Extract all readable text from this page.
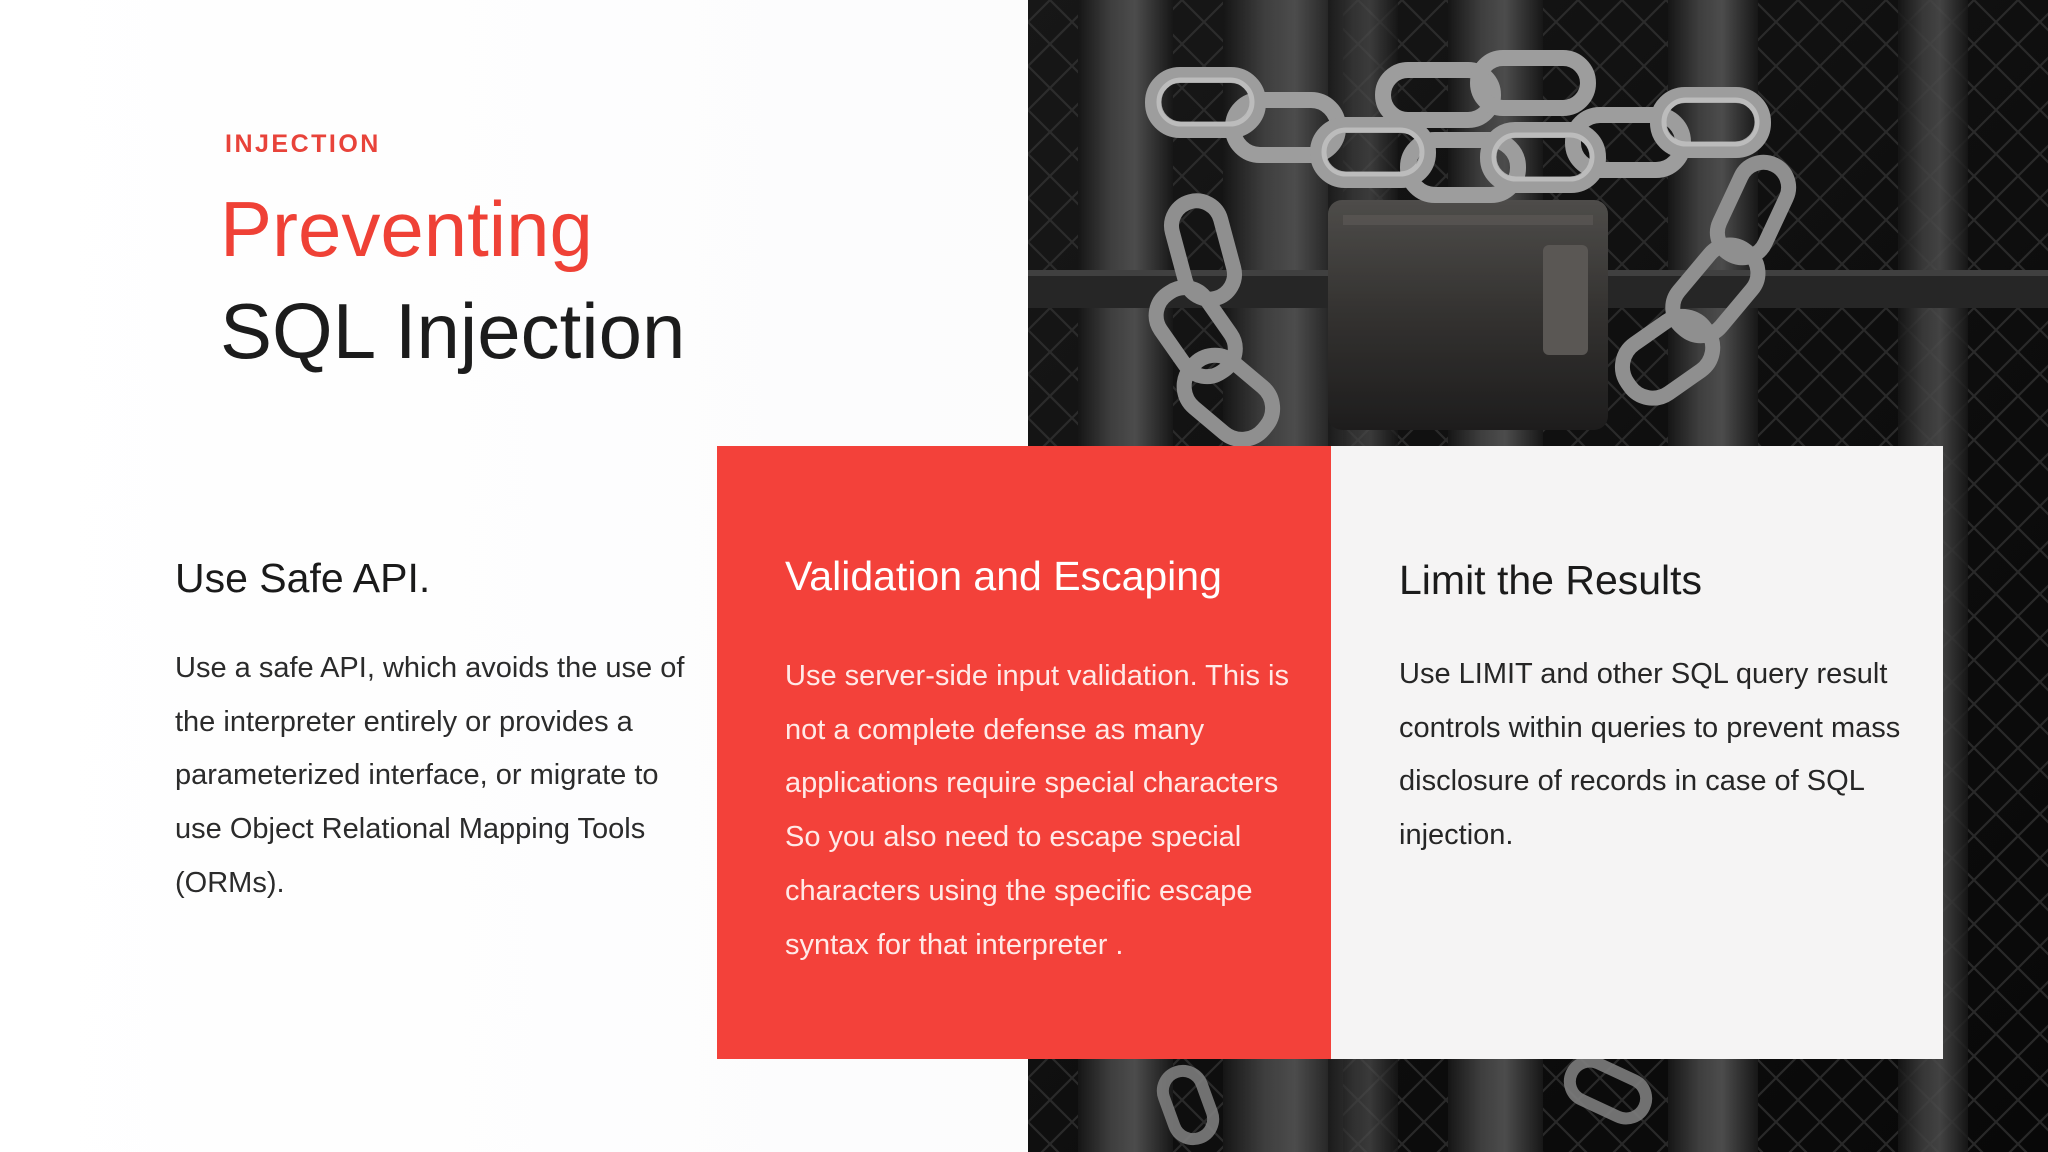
INJECTION
Preventing
SQL Injection
Use Safe API.

Use a safe API, which avoids the use of the interpreter entirely or provides a parameterized interface, or migrate to use Object Relational Mapping Tools (ORMs).

Validation and Escaping

Use server-side input validation. This is not a complete defense as many applications require special characters So you also need to escape special characters using the specific escape syntax for that interpreter .

Limit the Results

Use LIMIT and other SQL query result controls within queries to prevent mass disclosure of records in case of SQL injection.
